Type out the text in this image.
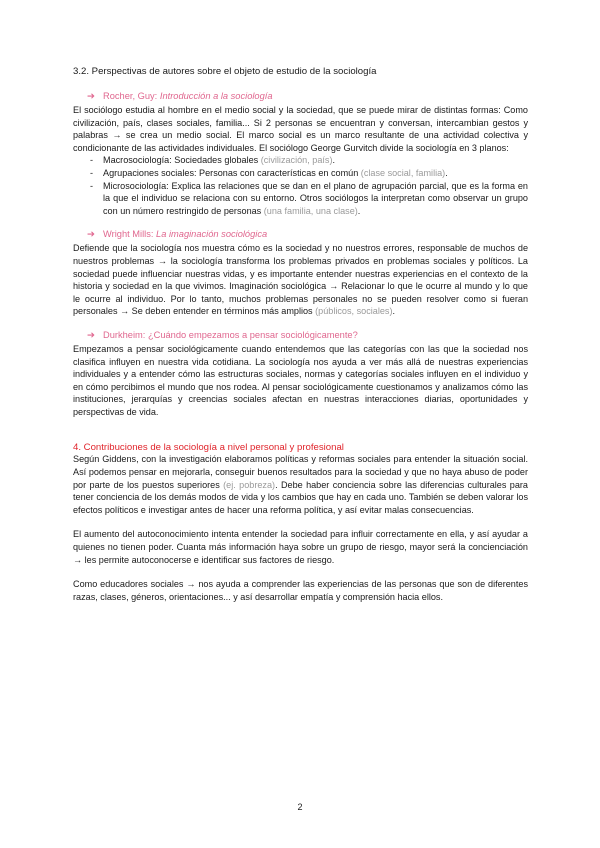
3.2. Perspectivas de autores sobre el objeto de estudio de la sociología

➔ Rocher, Guy: Introducción a la sociología

El sociólogo estudia al hombre en el medio social y la sociedad, que se puede mirar de distintas formas: Como civilización, país, clases sociales, familia... Si 2 personas se encuentran y conversan, intercambian gestos y palabras → se crea un medio social. El marco social es un marco resultante de una actividad colectiva y condicionante de las actividades individuales. El sociólogo George Gurvitch divide la sociología en 3 planos:

- Macrosociología: Sociedades globales (civilización, país).
- Agrupaciones sociales: Personas con características en común (clase social, familia).
- Microsociología: Explica las relaciones que se dan en el plano de agrupación parcial, que es la forma en la que el individuo se relaciona con su entorno. Otros sociólogos la interpretan como observar un grupo con un número restringido de personas (una familia, una clase).

➔ Wright Mills: La imaginación sociológica

Defiende que la sociología nos muestra cómo es la sociedad y no nuestros errores, responsable de muchos de nuestros problemas → la sociología transforma los problemas privados en problemas sociales y políticos. La sociedad puede influenciar nuestras vidas, y es importante entender nuestras experiencias en el contexto de la historia y sociedad en la que vivimos. Imaginación sociológica → Relacionar lo que le ocurre al mundo y lo que le ocurre al individuo. Por lo tanto, muchos problemas personales no se pueden resolver como si fueran personales → Se deben entender en términos más amplios (públicos, sociales).

➔ Durkheim: ¿Cuándo empezamos a pensar sociológicamente?

Empezamos a pensar sociológicamente cuando entendemos que las categorías con las que la sociedad nos clasifica influyen en nuestra vida cotidiana. La sociología nos ayuda a ver más allá de nuestras experiencias individuales y a entender cómo las estructuras sociales, normas y categorías sociales influyen en el individuo y en cómo percibimos el mundo que nos rodea. Al pensar sociológicamente cuestionamos y analizamos cómo las instituciones, jerarquías y creencias sociales afectan en nuestras interacciones diarias, oportunidades y perspectivas de vida.

4. Contribuciones de la sociología a nivel personal y profesional

Según Giddens, con la investigación elaboramos políticas y reformas sociales para entender la situación social. Así podemos pensar en mejorarla, conseguir buenos resultados para la sociedad y que no haya abuso de poder por parte de los puestos superiores (ej. pobreza). Debe haber conciencia sobre las diferencias culturales para tener conciencia de los demás modos de vida y los cambios que hay en cada uno. También se deben valorar los efectos políticos e investigar antes de hacer una reforma política, y así evitar malas consecuencias.

El aumento del autoconocimiento intenta entender la sociedad para influir correctamente en ella, y así ayudar a quienes no tienen poder. Cuanta más información haya sobre un grupo de riesgo, mayor será la concienciación → les permite autoconocerse e identificar sus factores de riesgo.

Como educadores sociales → nos ayuda a comprender las experiencias de las personas que son de diferentes razas, clases, géneros, orientaciones... y así desarrollar empatía y comprensión hacia ellos.

2
